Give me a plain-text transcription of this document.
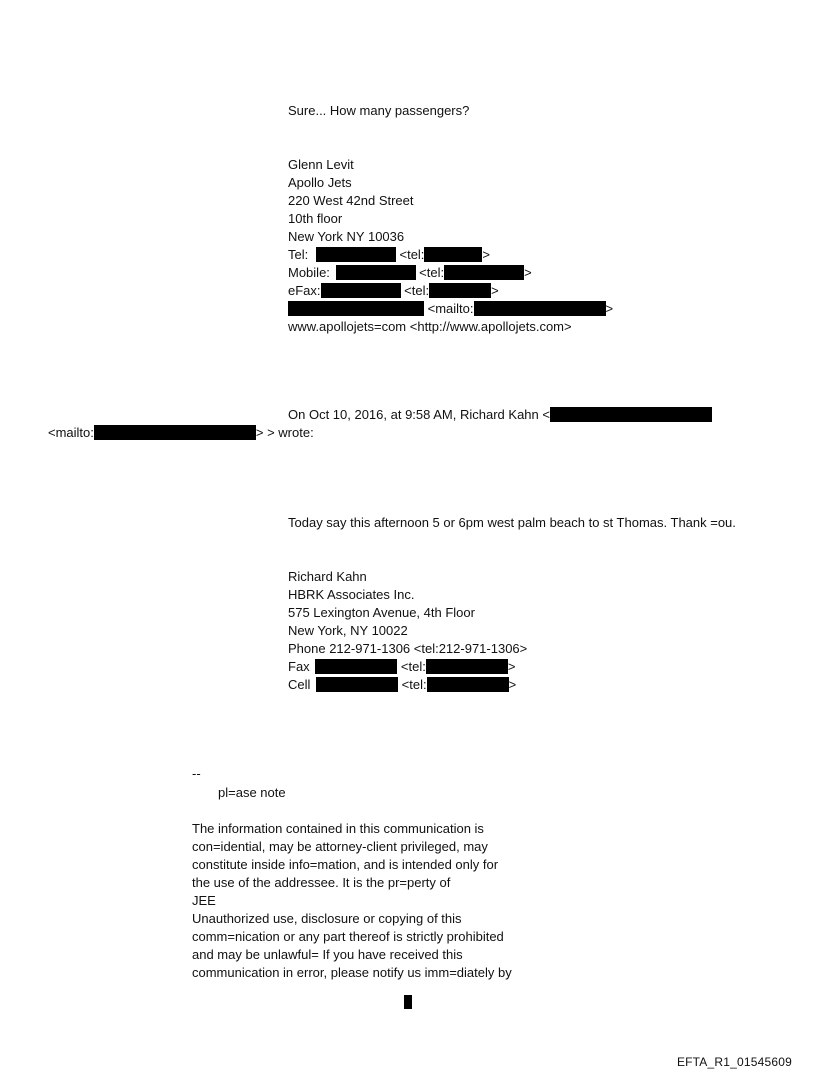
Sure... How many passengers?
Glenn Levit
Apollo Jets
220 West 42nd Street
10th floor
New York NY 10036
Tel:	<tel:	>
Mobile:	<tel:	>
eFax:	<tel:	>
<mailto:	>
www.apollojets=com <http://www.apollojets.com>
On Oct 10, 2016, at 9:58 AM, Richard Kahn <
<mailto:	> > wrote:
Today say this afternoon 5 or 6pm west palm beach to st Thomas. Thank =ou.
Richard Kahn
HBRK Associates Inc.
575 Lexington Avenue, 4th Floor
New York, NY 10022
Phone 212-971-1306 <tel:212-971-1306>
Fax	<tel:	>
Cell	<tel:	>
--
pl=ase note
The information contained in this communication is
con=idential, may be attorney-client privileged, may
constitute inside info=mation, and is intended only for
the use of the addressee. It is the pr=perty of
JEE
Unauthorized use, disclosure or copying of this
comm=nication or any part thereof is strictly prohibited
and may be unlawful= If you have received this
communication in error, please notify us imm=diately by
EFTA_R1_01545609
